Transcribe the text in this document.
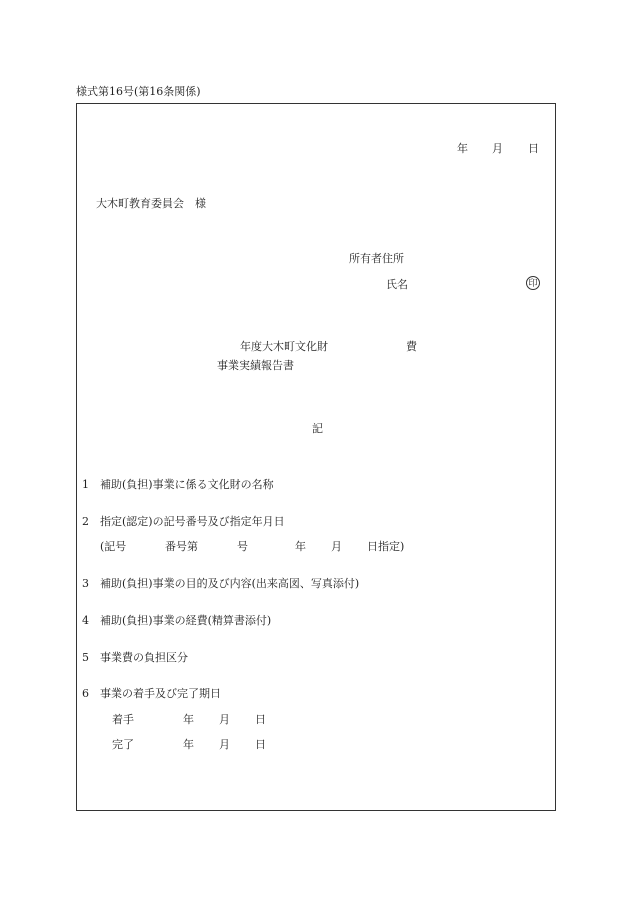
様式第16号(第16条関係)
年 月 日
大木町教育委員会　様
所有者住所
氏名	印
年度大木町文化財	費
事業実績報告書
記
1 補助(負担)事業に係る文化財の名称
2 指定(認定)の記号番号及び指定年月日
(記号	番号第	号	年 月 日指定)
3 補助(負担)事業の目的及び内容(出来高図、写真添付)
4 補助(負担)事業の経費(精算書添付)
5 事業費の負担区分
6 事業の着手及び完了期日
着手	年 月 日
完了	年 月 日
